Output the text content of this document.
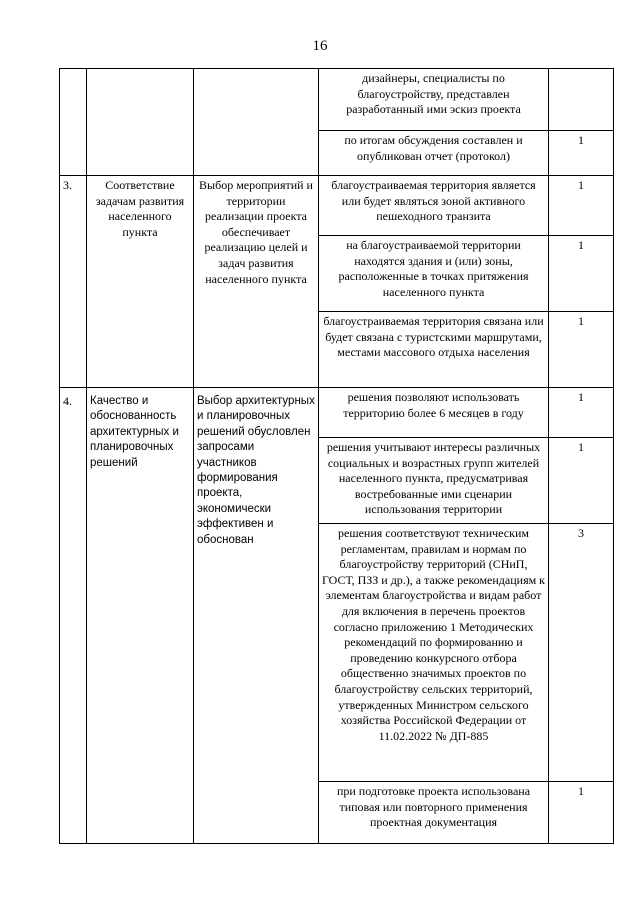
16
			дизайнеры, специалисты по благоустройству, представлен разработанный ими эскиз проекта	
			по итогам обсуждения составлен и опубликован отчет (протокол)	1
3.	Соответствие задачам развития населенного пункта	Выбор мероприятий и территории реализации проекта обеспечивает реализацию целей и задач развития населенного пункта	благоустраиваемая территория является или будет являться зоной активного пешеходного транзита	1
			на благоустраиваемой территории находятся здания и (или) зоны, расположенные в точках притяжения населенного пункта	1
			благоустраиваемая территория связана или будет связана с туристскими маршрутами, местами массового отдыха населения	1
4.	Качество и обоснованность архитектурных и планировочных решений	Выбор архитектурных и планировочных решений обусловлен запросами участников формирования проекта, экономически эффективен и обоснован	решения позволяют использовать территорию более 6 месяцев в году	1
			решения учитывают интересы различных социальных и возрастных групп жителей населенного пункта, предусматривая востребованные ими сценарии использования территории	1
			решения соответствуют техническим регламентам, правилам и нормам по благоустройству территорий (СНиП, ГОСТ, ПЗЗ и др.), а также рекомендациям к элементам благоустройства и видам работ для включения в перечень проектов согласно приложению 1 Методических рекомендаций по формированию и проведению конкурсного отбора общественно значимых проектов по благоустройству сельских территорий, утвержденных Министром сельского хозяйства Российской Федерации от 11.02.2022 № ДП-885	3
			при подготовке проекта использована типовая или повторного применения проектная документация	1
